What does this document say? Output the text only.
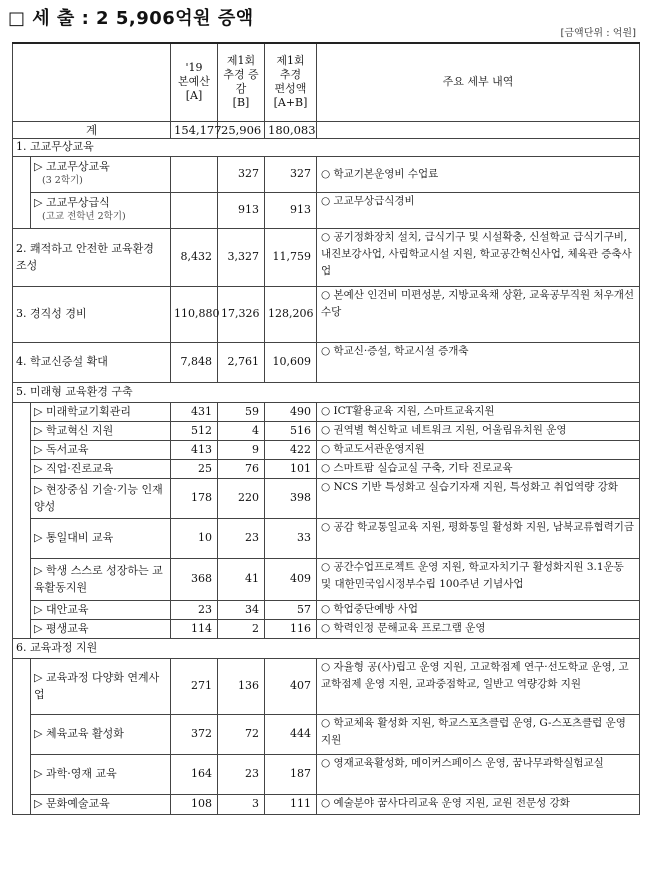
□ 세 출 : 2 5,906억원 증액
[금액단위 : 억원]
		'19
본예산
[A]	제1회
추경 증감
[B]	제1회
추경
편성액
[A+B]	주요 세부 내역
계		154,177	25,906	180,083	
1. 고교무상교육					
	▷ 고교무상교육
(3 2학기)		327	327	○ 학교기본운영비 수업료
	▷ 고교무상급식
(고교 전학년 2학기)		913	913	○ 고교무상급식경비
2. 쾌적하고 안전한 교육환경 조성		8,432	3,327	11,759	○ 공기정화장치 설치, 급식기구 및 시설확충, 신설학교 급식기구비, 내진보강사업, 사립학교시설 지원, 학교공간혁신사업, 체육관 증축사업
3. 경직성 경비		110,880	17,326	128,206	○ 본예산 인건비 미편성분, 지방교육채 상환, 교육공무직원 처우개선수당
4. 학교신증설 확대		7,848	2,761	10,609	○ 학교신·증설, 학교시설 증개축
5. 미래형 교육환경 구축					
	▷ 미래학교기획관리	431	59	490	○ ICT활용교육 지원, 스마트교육지원
	▷ 학교혁신 지원	512	4	516	○ 권역별 혁신학교 네트워크 지원, 어울림유치원 운영
	▷ 독서교육	413	9	422	○ 학교도서관운영지원
	▷ 직업·진로교육	25	76	101	○ 스마트팜 실습교실 구축, 기타 진로교육
	▷ 현장중심 기술·기능 인재 양성	178	220	398	○ NCS 기반 특성화고 실습기자재 지원, 특성화고 취업역량 강화
	▷ 통일대비 교육	10	23	33	○ 공감 학교통일교육 지원, 평화통일 활성화 지원, 남북교류협력기금
	▷ 학생 스스로 성장하는 교육활동지원	368	41	409	○ 공간수업프로젝트 운영 지원, 학교자치기구 활성화지원 3.1운동 및 대한민국임시정부수립 100주년 기념사업
	▷ 대안교육	23	34	57	○ 학업중단예방 사업
	▷ 평생교육	114	2	116	○ 학력인정 문해교육 프로그램 운영
6. 교육과정 지원					
	▷ 교육과정 다양화 연계사업	271	136	407	○ 자율형 공(사)립고 운영 지원, 고교학점제 연구·선도학교 운영, 고교학점제 운영 지원, 교과중점학교, 일반고 역량강화 지원
	▷ 체육교육 활성화	372	72	444	○ 학교체육 활성화 지원, 학교스포츠클럽 운영, G-스포츠클럽 운영 지원
	▷ 과학·영재 교육	164	23	187	○ 영재교육활성화, 메이커스페이스 운영, 꿈나무과학실험교실
	▷ 문화예술교육	108	3	111	○ 예술분야 꿈사다리교육 운영 지원, 교원 전문성 강화
